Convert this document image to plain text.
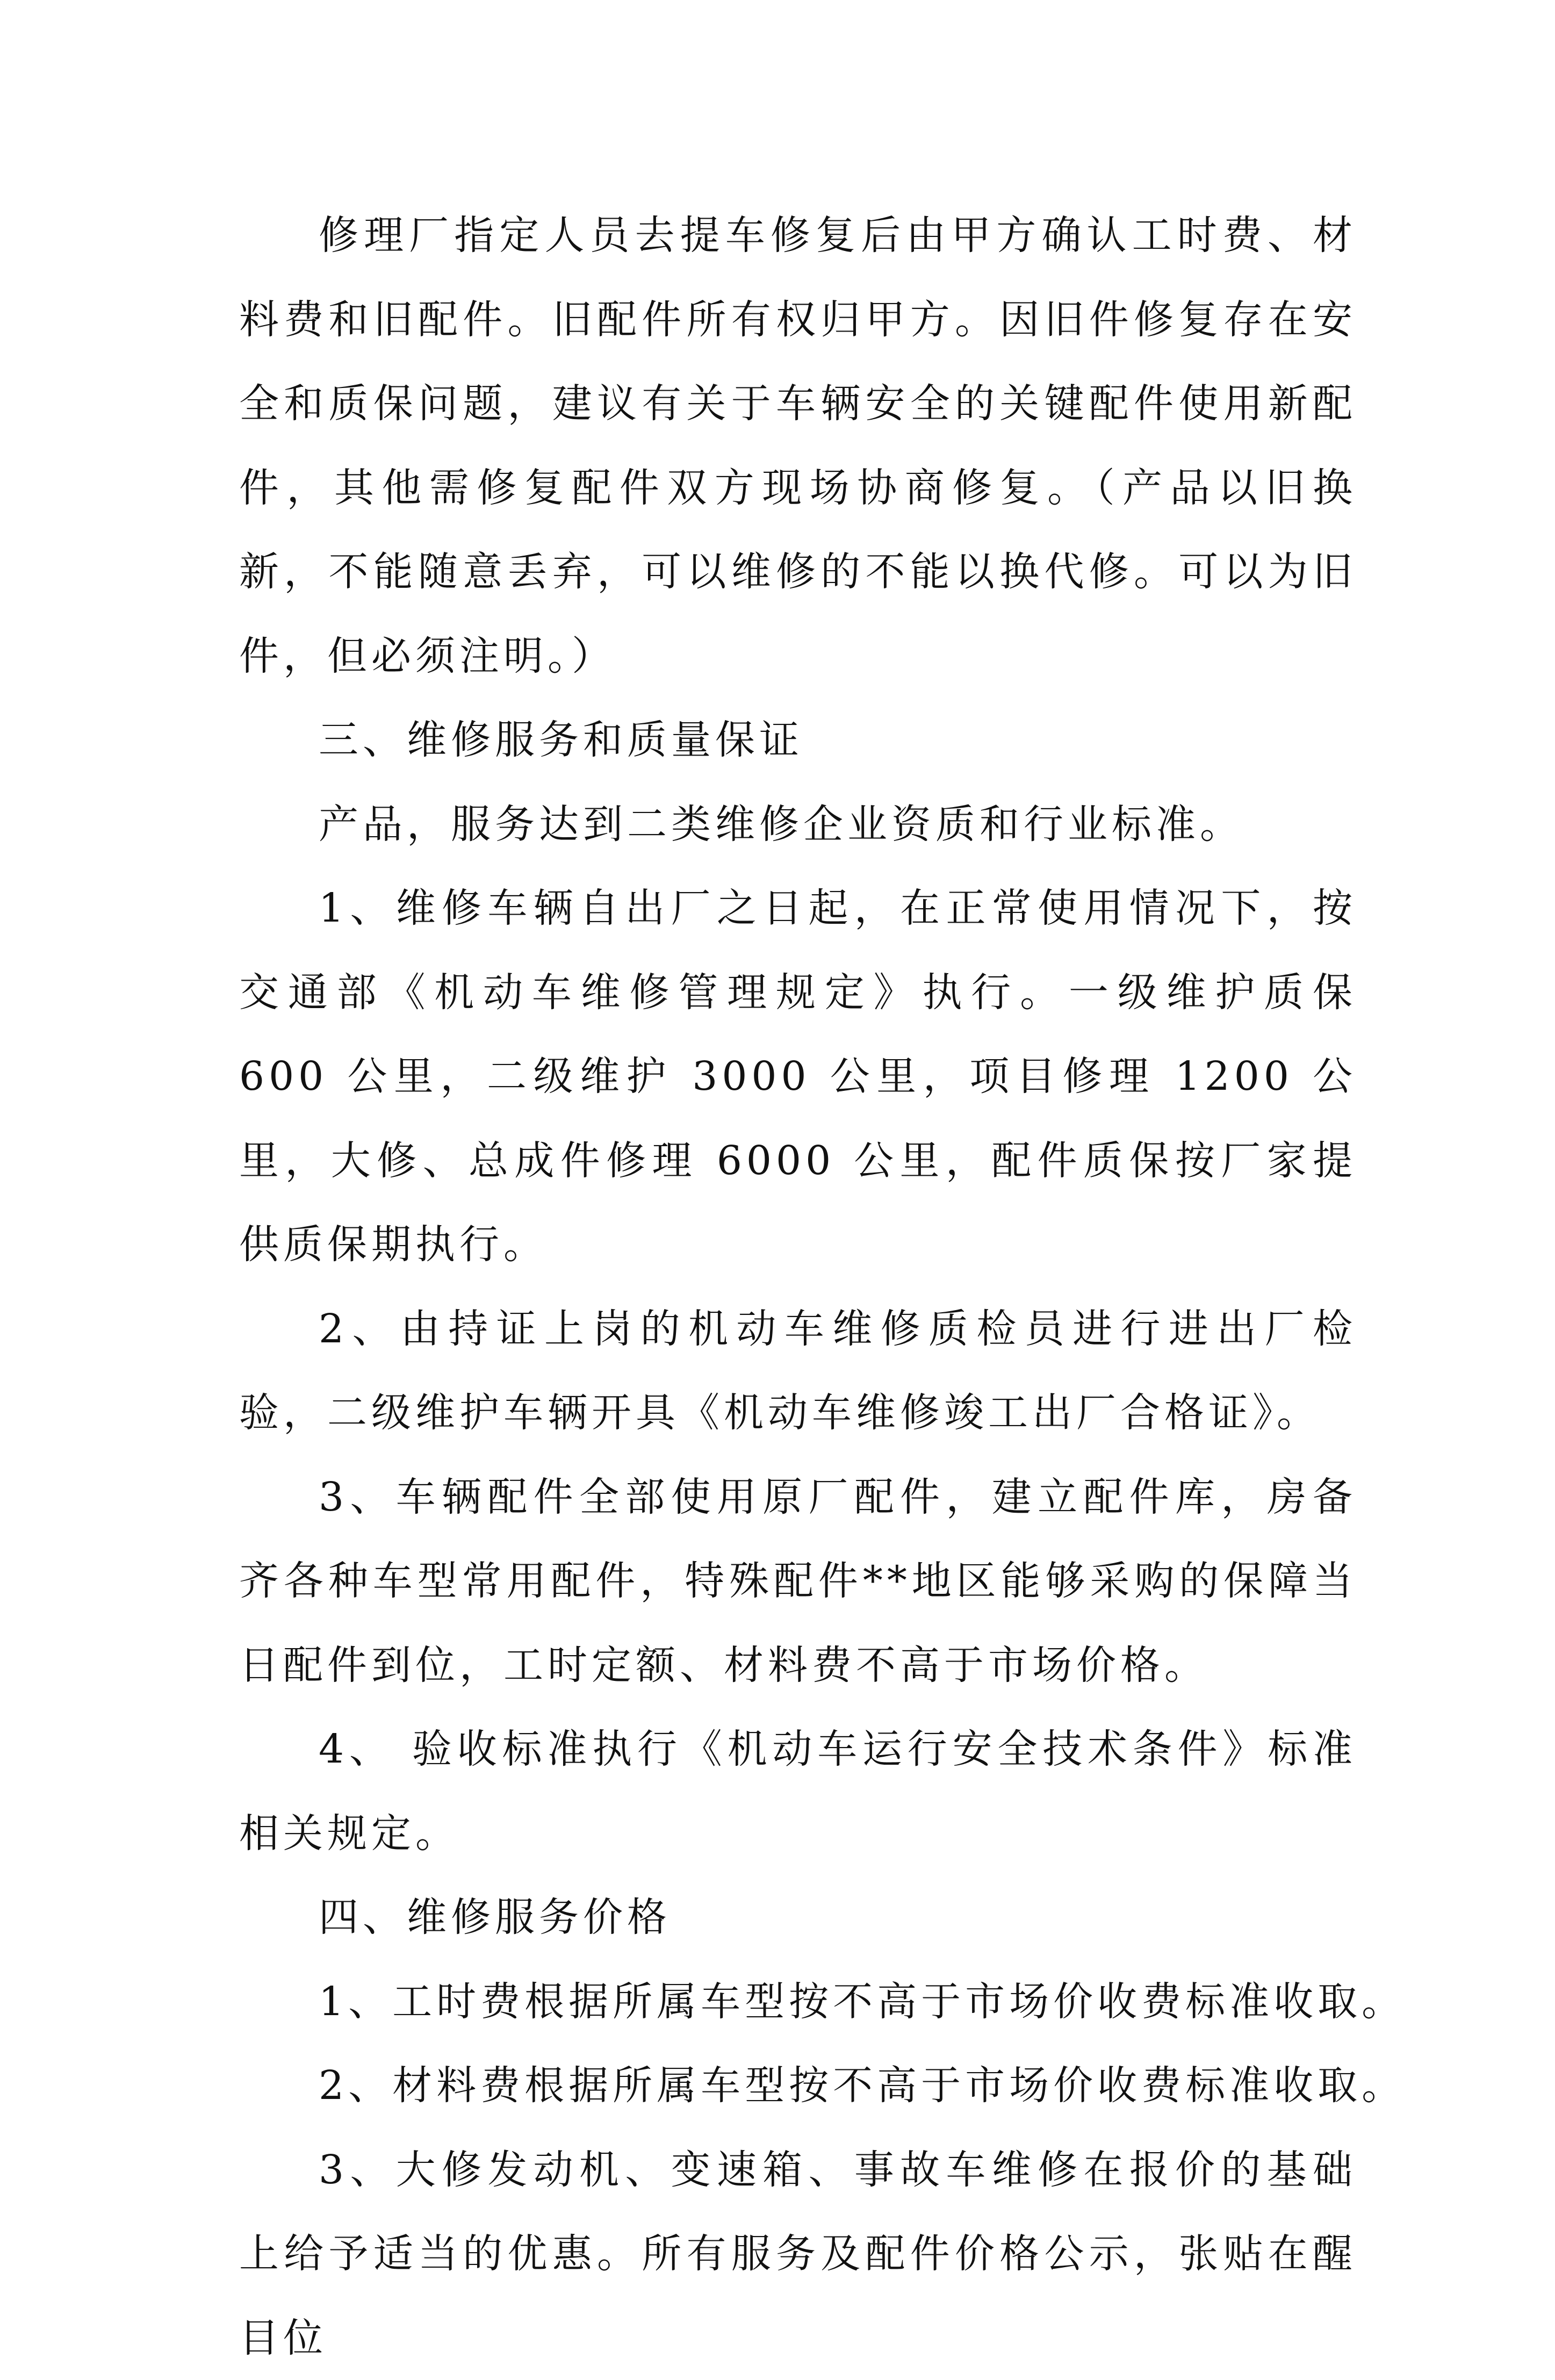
修理厂指定人员去提车修复后由甲方确认工时费、材料费和旧配件。旧配件所有权归甲方。因旧件修复存在安全和质保问题，建议有关于车辆安全的关键配件使用新配件，其他需修复配件双方现场协商修复。（产品以旧换新，不能随意丢弃，可以维修的不能以换代修。可以为旧件，但必须注明。）

三、维修服务和质量保证

产品，服务达到二类维修企业资质和行业标准。

1、维修车辆自出厂之日起，在正常使用情况下，按交通部《机动车维修管理规定》执行。一级维护质保 600 公里，二级维护 3000 公里，项目修理 1200 公里，大修、总成件修理 6000 公里，配件质保按厂家提供质保期执行。

2、由持证上岗的机动车维修质检员进行进出厂检验，二级维护车辆开具《机动车维修竣工出厂合格证》。

3、车辆配件全部使用原厂配件，建立配件库，房备齐各种车型常用配件，特殊配件**地区能够采购的保障当日配件到位，工时定额、材料费不高于市场价格。

4、 验收标准执行《机动车运行安全技术条件》标准相关规定。

四、维修服务价格

1、工时费根据所属车型按不高于市场价收费标准收取。

2、材料费根据所属车型按不高于市场价收费标准收取。

3、大修发动机、变速箱、事故车维修在报价的基础上给予适当的优惠。所有服务及配件价格公示，张贴在醒目位
